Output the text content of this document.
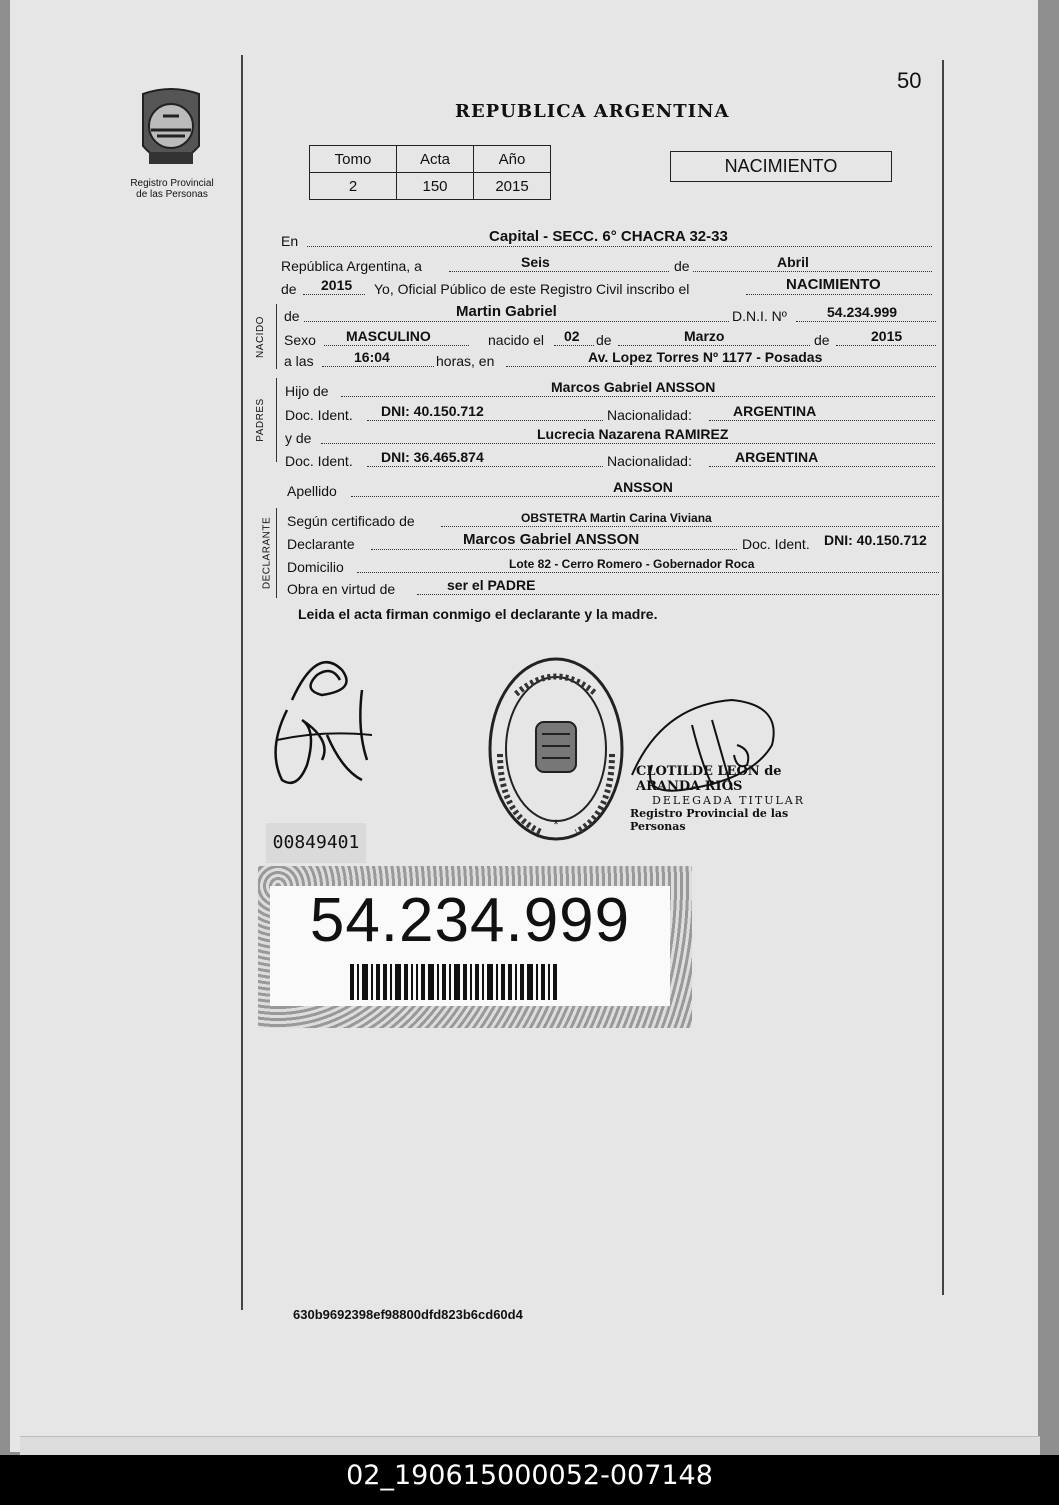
50
Registro Provincial
de las Personas
REPUBLICA ARGENTINA
Tomo	Acta	Año
2	150	2015
NACIMIENTO
En	Capital - SECC. 6° CHACRA 32-33
República Argentina, a	Seis	de	Abril
de 2015 Yo, Oficial Público de este Registro Civil inscribo el	NACIMIENTO
NACIDO de	Martin Gabriel	D.N.I. Nº	54.234.999
Sexo MASCULINO	nacido el 02 de	Marzo	de	2015
a las	16:04	horas, en	Av. Lopez Torres Nº 1177 - Posadas
PADRES
Hijo de	Marcos Gabriel ANSSON
Doc. Ident. DNI: 40.150.712	Nacionalidad:	ARGENTINA
y de	Lucrecia Nazarena RAMIREZ
Doc. Ident. DNI: 36.465.874	Nacionalidad:	ARGENTINA
Apellido	ANSSON
DECLARANTE Según certificado de	OBSTETRA Martin Carina Viviana
Declarante	Marcos Gabriel ANSSON	Doc. Ident. DNI: 40.150.712
Domicilio	Lote 82 - Cerro Romero - Gobernador Roca
Obra en virtud de	ser el PADRE
Leida el acta firman conmigo el declarante y la madre.
*
CLOTILDE LEON de ARANDA RIOS
DELEGADA TITULAR
Registro Provincial de las Personas
00849401
54.234.999
630b9692398ef98800dfd823b6cd60d4
02_190615000052-007148
